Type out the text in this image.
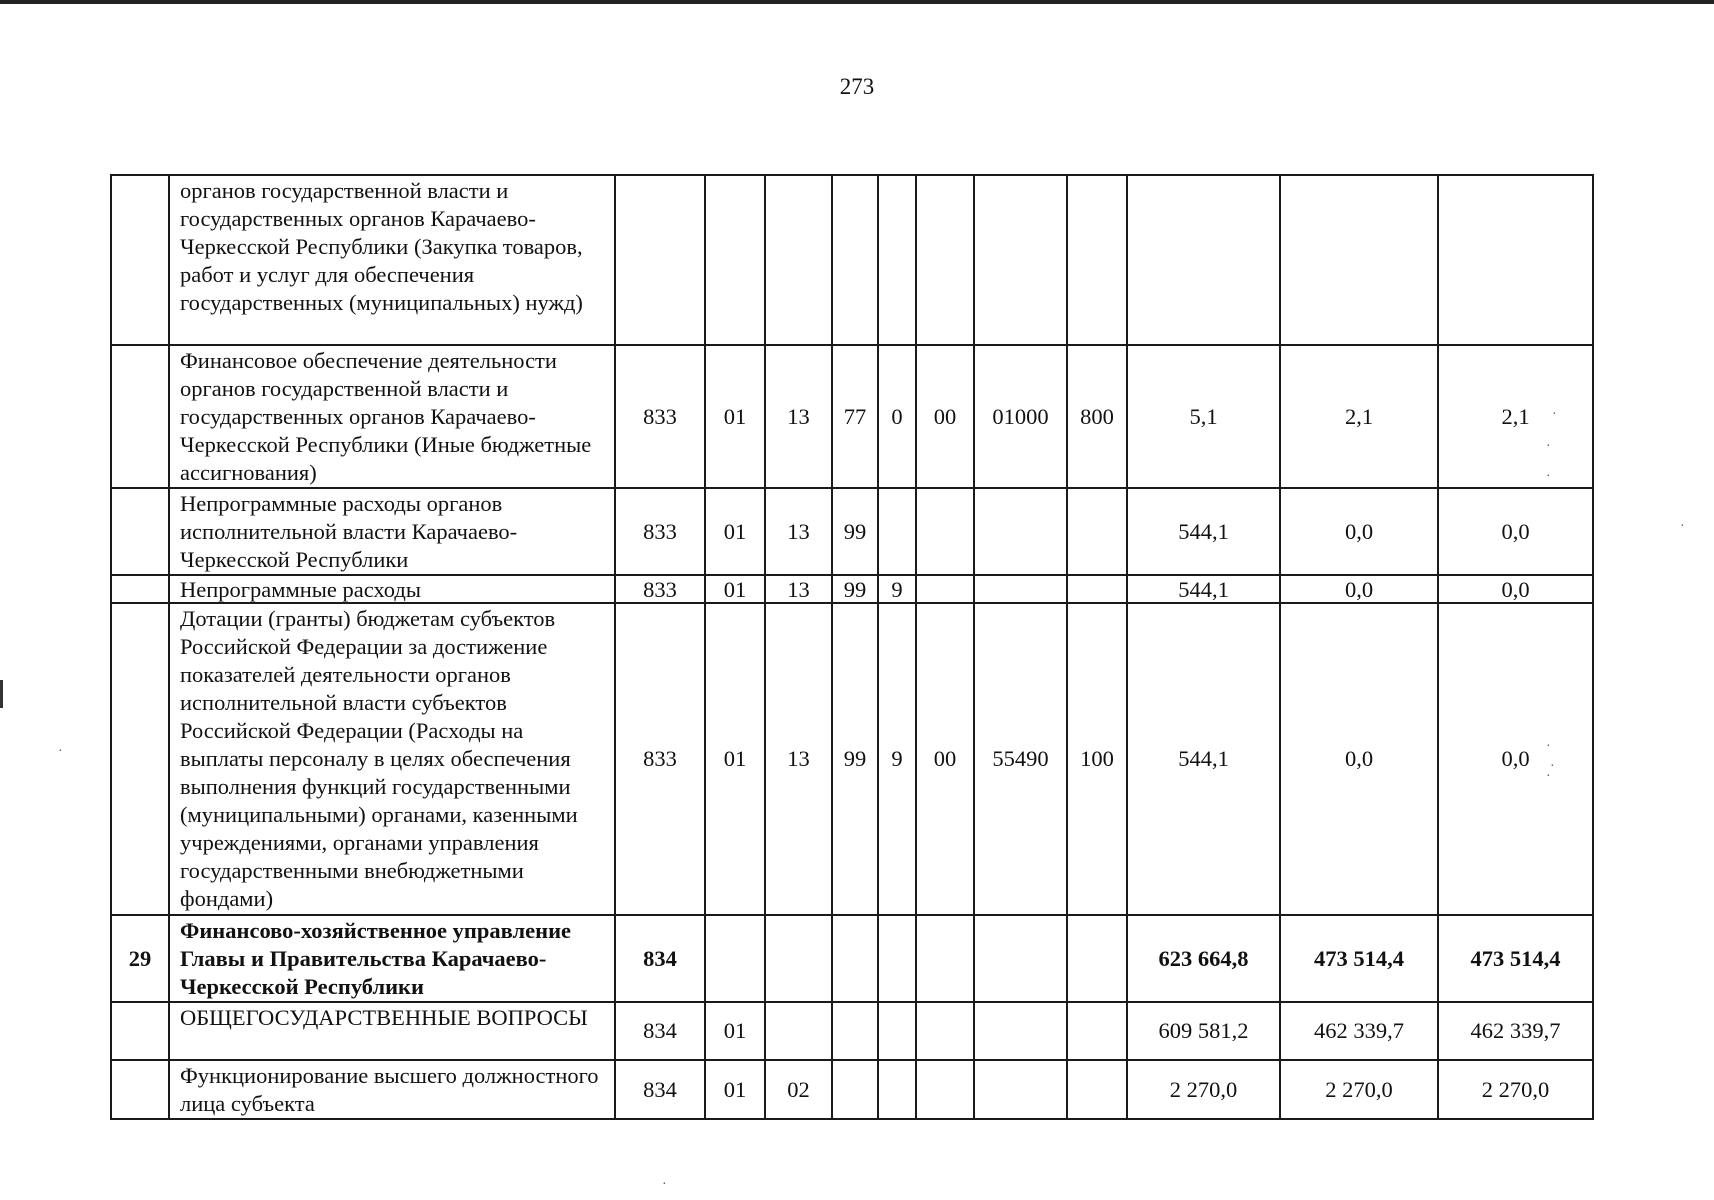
273
	органов государственной власти и государственных органов Карачаево-Черкесской Республики (Закупка товаров, работ и услуг для обеспечения государственных (муниципальных) нужд)											
	Финансовое обеспечение деятельности органов государственной власти и государственных органов Карачаево-Черкесской Республики (Иные бюджетные ассигнования)	833	01	13	77	0	00	01000	800	5,1	2,1	2,1
	Непрограммные расходы органов исполнительной власти Карачаево-Черкесской Республики	833	01	13	99					544,1	0,0	0,0
	Непрограммные расходы	833	01	13	99	9				544,1	0,0	0,0
	Дотации (гранты) бюджетам субъектов Российской Федерации за достижение показателей деятельности органов исполнительной власти субъектов Российской Федерации (Расходы на выплаты персоналу в целях обеспечения выполнения функций государственными (муниципальными) органами, казенными учреждениями, органами управления государственными внебюджетными фондами)	833	01	13	99	9	00	55490	100	544,1	0,0	0,0
29	Финансово-хозяйственное управление Главы и Правительства Карачаево-Черкесской Республики	834								623 664,8	473 514,4	473 514,4
	ОБЩЕГОСУДАРСТВЕННЫЕ ВОПРОСЫ	834	01							609 581,2	462 339,7	462 339,7
	Функционирование высшего должностного лица субъекта	834	01	02						2 270,0	2 270,0	2 270,0
·
·
·
·
·
·
·
·
·
